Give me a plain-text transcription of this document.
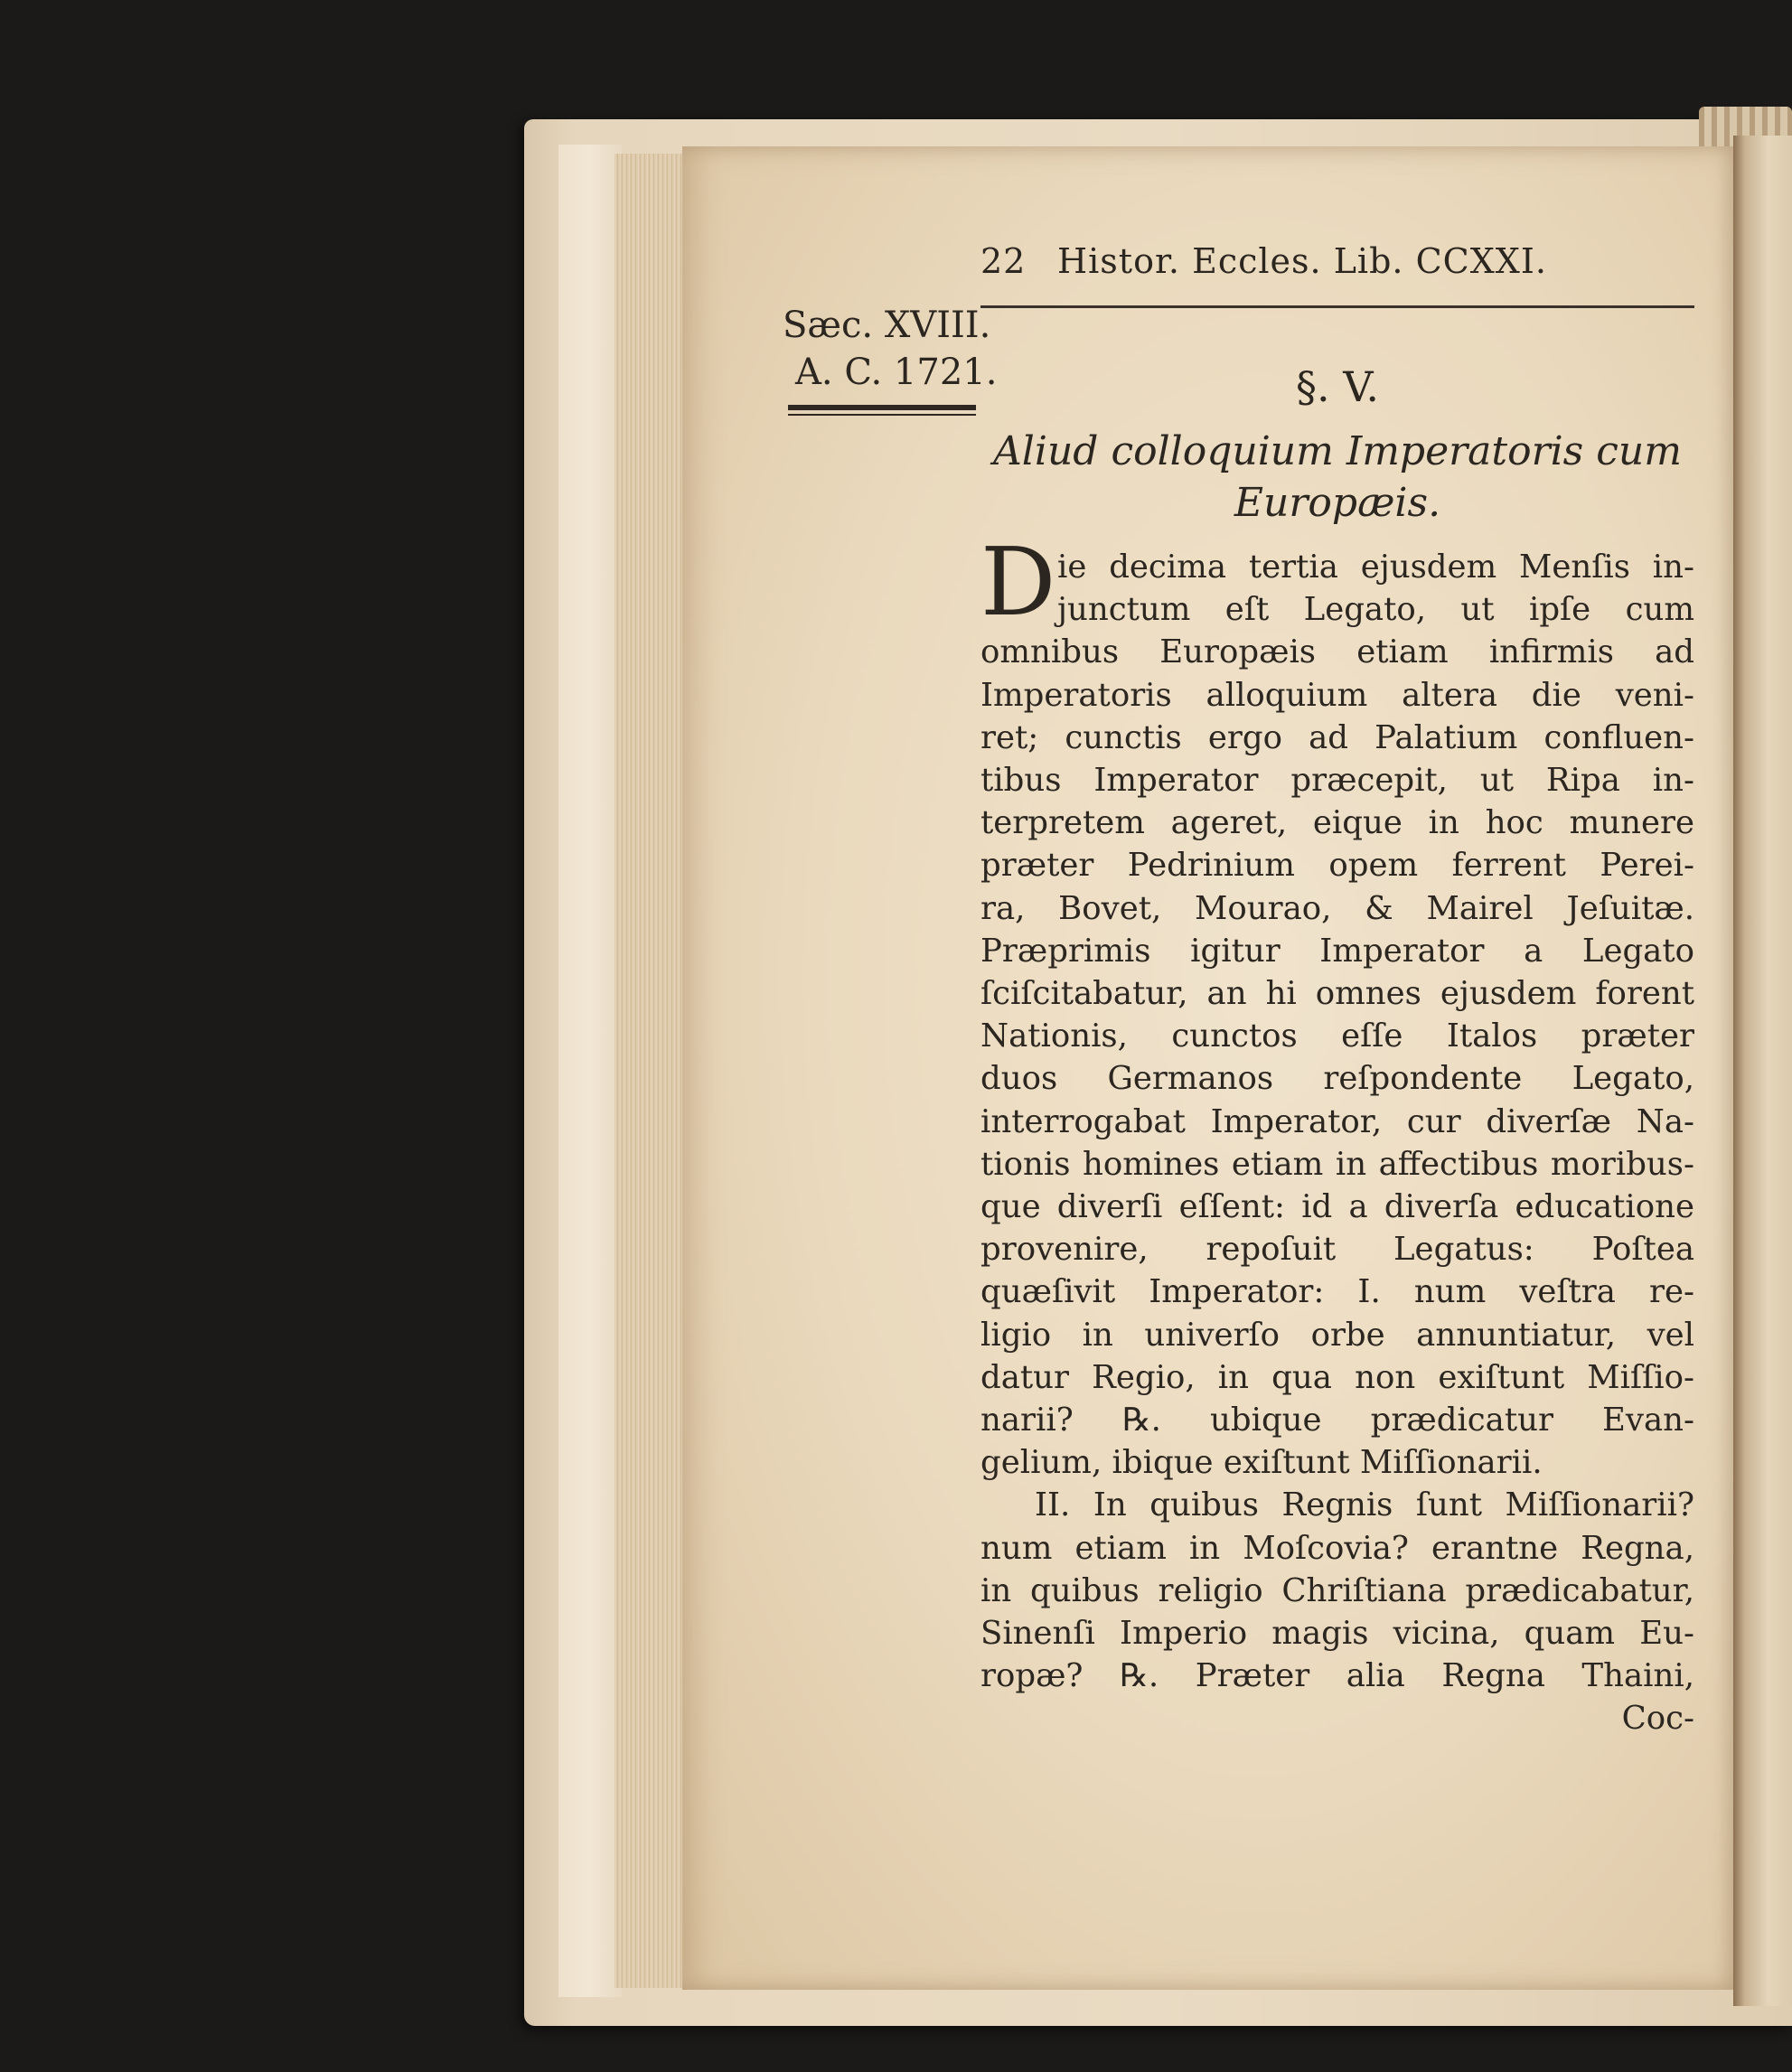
22 Histor. Eccles. Lib. CCXXI.
Sæc. XVIII.
A. C. 1721.	§. V.
Aliud colloquium Imperatoris cum
Europæis.
D ie decima tertia ejusdem Menſis in-
junctum eſt Legato, ut ipſe cum
omnibus Europæis etiam infirmis ad
Imperatoris alloquium altera die veni-
ret; cunctis ergo ad Palatium confluen-
tibus Imperator præcepit, ut Ripa in-
terpretem ageret, eique in hoc munere
præter Pedrinium opem ferrent Perei-
ra, Bovet, Mourao, & Mairel Jeſuitæ.
Præprimis igitur Imperator a Legato
ſciſcitabatur, an hi omnes ejusdem forent
Nationis, cunctos eſſe Italos præter
duos Germanos reſpondente Legato,
interrogabat Imperator, cur diverſæ Na-
tionis homines etiam in affectibus moribus-
que diverſi eſſent: id a diverſa educatione
provenire, repoſuit Legatus: Poſtea
quæſivit Imperator: I. num veſtra re-
ligio in univerſo orbe annuntiatur, vel
datur Regio, in qua non exiſtunt Miſſio-
narii? ℞. ubique prædicatur Evan-
gelium, ibique exiſtunt Miſſionarii.
II. In quibus Regnis ſunt Miſſionarii?
num etiam in Moſcovia? erantne Regna,
in quibus religio Chriſtiana prædicabatur,
Sinenſi Imperio magis vicina, quam Eu-
ropæ? ℞. Præter alia Regna Thaini,
Coc-
